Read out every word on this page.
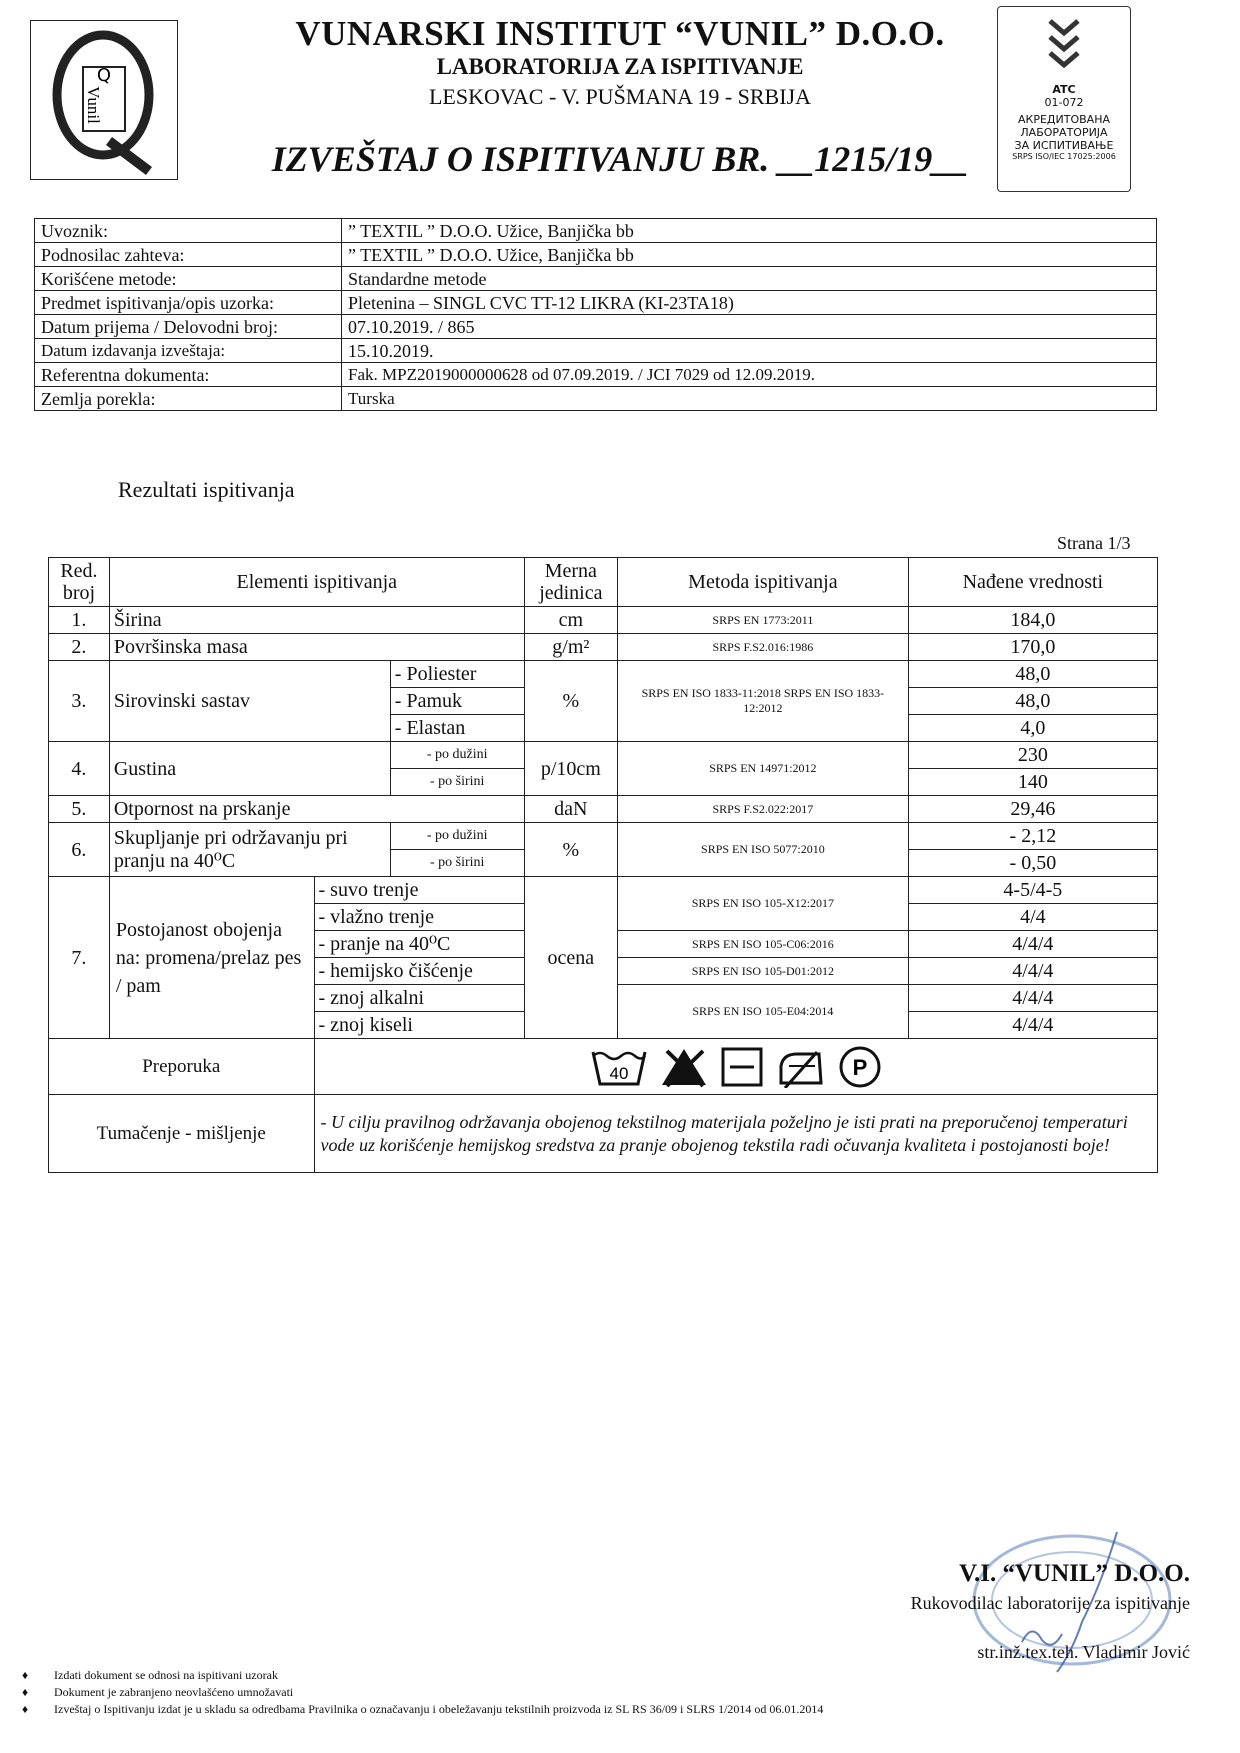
Q
Vunil
VUNARSKI INSTITUT “VUNIL” D.O.O.
LABORATORIJA ZA ISPITIVANJE
LESKOVAC - V. PUŠMANA 19 - SRBIJA
IZVEŠTAJ O ISPITIVANJU BR. __1215/19__
ATC
01-072
АКРЕДИТОВАНА
ЛАБОРАТОРИЈА
ЗА ИСПИТИВАЊЕ
SRPS ISO/IEC 17025:2006
Uvoznik:	” TEXTIL ” D.O.O. Užice, Banjička bb
Podnosilac zahteva:	” TEXTIL ” D.O.O. Užice, Banjička bb
Korišćene metode:	Standardne metode
Predmet ispitivanja/opis uzorka:	Pletenina – SINGL CVC TT-12 LIKRA (KI-23TA18)
Datum prijema / Delovodni broj:	07.10.2019. / 865
Datum izdavanja izveštaja:	15.10.2019.
Referentna dokumenta:	Fak. MPZ2019000000628 od 07.09.2019. / JCI 7029 od 12.09.2019.
Zemlja porekla:	Turska
Rezultati ispitivanja
Strana 1/3
Red. broj	Elementi ispitivanja			Merna jedinica	Metoda ispitivanja	Nađene vrednosti
1.	Širina			cm	SRPS EN 1773:2011	184,0
2.	Površinska masa			g/m²	SRPS F.S2.016:1986	170,0
3.	Sirovinski sastav		- Poliester	%	SRPS EN ISO 1833-11:2018 SRPS EN ISO 1833-12:2012	48,0
			- Pamuk			48,0
			- Elastan			4,0
4.	Gustina		- po dužini	p/10cm	SRPS EN 14971:2012	230
			- po širini			140
5.	Otpornost na prskanje			daN	SRPS F.S2.022:2017	29,46
6.	Skupljanje pri održavanju pri pranju na 40⁰C		- po dužini	%	SRPS EN ISO 5077:2010	- 2,12
			- po širini			- 0,50
7.	Postojanost obojenja na: promena/prelaz pes / pam	- suvo trenje		ocena	SRPS EN ISO 105-X12:2017	4-5/4-5
		- vlažno trenje				4/4
		- pranje na 40⁰C			SRPS EN ISO 105-C06:2016	4/4/4
		- hemijsko čišćenje			SRPS EN ISO 105-D01:2012	4/4/4
		- znoj alkalni			SRPS EN ISO 105-E04:2014	4/4/4
		- znoj kiseli				4/4/4
Preporuka		40
P				

Tumačenje - mišljenje		- U cilju pravilnog održavanja obojenog tekstilnog materijala poželjno je isti prati na preporučenoj temperaturi vode uz korišćenje hemijskog sredstva za pranje obojenog tekstila radi očuvanja kvaliteta i postojanosti boje!				
V.I. “VUNIL” D.O.O.
Rukovodilac laboratorije za ispitivanje
str.inž.tex.teh. Vladimir Jović
♦ Izdati dokument se odnosi na ispitivani uzorak
♦ Dokument je zabranjeno neovlašćeno umnožavati
♦ Izveštaj o Ispitivanju izdat je u skladu sa odredbama Pravilnika o označavanju i obeležavanju tekstilnih proizvoda iz SL RS 36/09 i SLRS 1/2014 od 06.01.2014
